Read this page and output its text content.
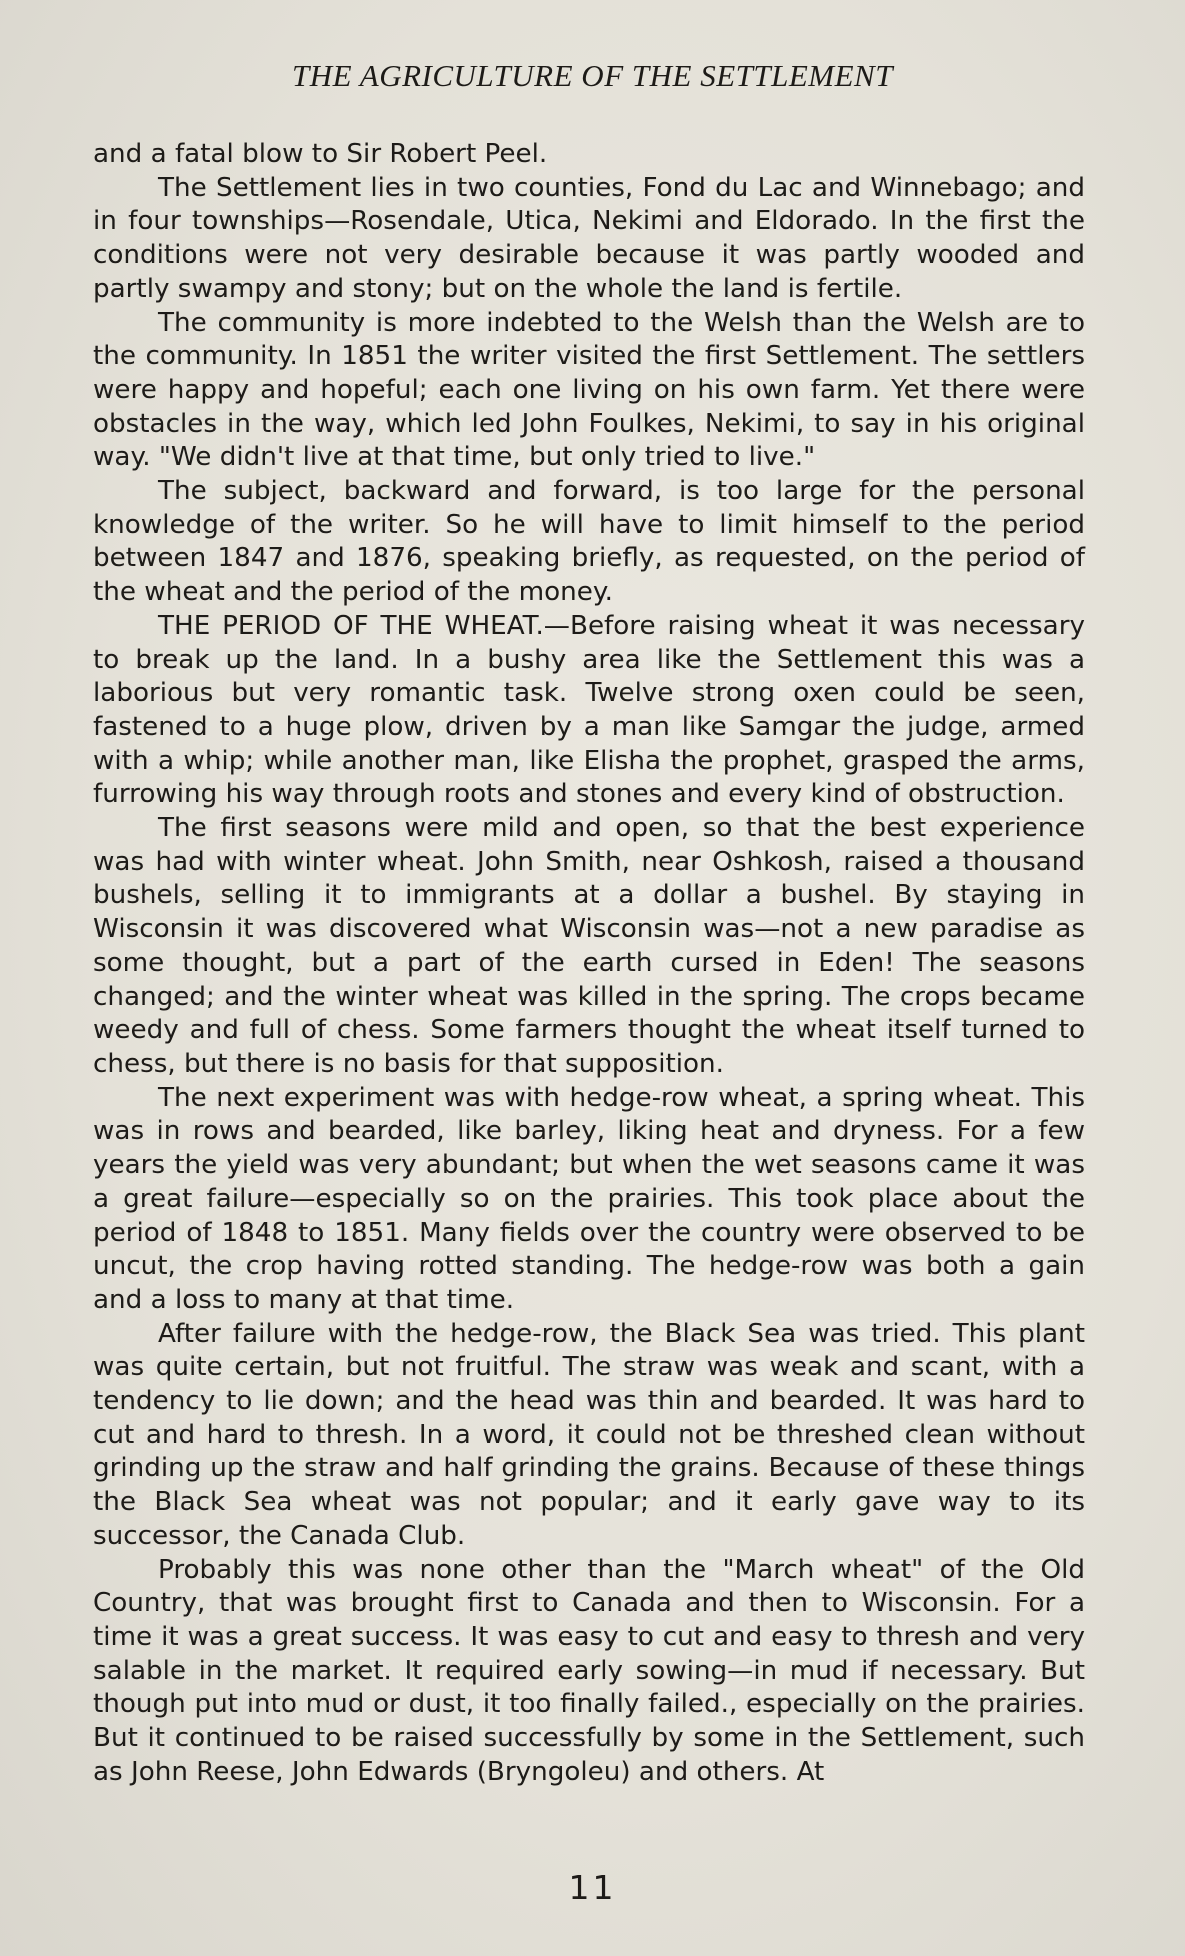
THE AGRICULTURE OF THE SETTLEMENT

and a fatal blow to Sir Robert Peel.

The Settlement lies in two counties, Fond du Lac and Winnebago; and in four townships—Rosendale, Utica, Nekimi and Eldorado. In the first the conditions were not very desirable because it was partly wooded and partly swampy and stony; but on the whole the land is fertile.

The community is more indebted to the Welsh than the Welsh are to the community. In 1851 the writer visited the first Settlement. The settlers were happy and hopeful; each one living on his own farm. Yet there were obstacles in the way, which led John Foulkes, Nekimi, to say in his original way. "We didn't live at that time, but only tried to live."

The subject, backward and forward, is too large for the personal knowledge of the writer. So he will have to limit himself to the period between 1847 and 1876, speaking briefly, as requested, on the period of the wheat and the period of the money.

THE PERIOD OF THE WHEAT.—Before raising wheat it was necessary to break up the land. In a bushy area like the Settlement this was a laborious but very romantic task. Twelve strong oxen could be seen, fastened to a huge plow, driven by a man like Samgar the judge, armed with a whip; while another man, like Elisha the prophet, grasped the arms, furrowing his way through roots and stones and every kind of obstruction.

The first seasons were mild and open, so that the best experience was had with winter wheat. John Smith, near Oshkosh, raised a thousand bushels, selling it to immigrants at a dollar a bushel. By staying in Wisconsin it was discovered what Wisconsin was—not a new paradise as some thought, but a part of the earth cursed in Eden! The seasons changed; and the winter wheat was killed in the spring. The crops became weedy and full of chess. Some farmers thought the wheat itself turned to chess, but there is no basis for that supposition.

The next experiment was with hedge-row wheat, a spring wheat. This was in rows and bearded, like barley, liking heat and dryness. For a few years the yield was very abundant; but when the wet seasons came it was a great failure—especially so on the prairies. This took place about the period of 1848 to 1851. Many fields over the country were observed to be uncut, the crop having rotted standing. The hedge-row was both a gain and a loss to many at that time.

After failure with the hedge-row, the Black Sea was tried. This plant was quite certain, but not fruitful. The straw was weak and scant, with a tendency to lie down; and the head was thin and bearded. It was hard to cut and hard to thresh. In a word, it could not be threshed clean without grinding up the straw and half grinding the grains. Because of these things the Black Sea wheat was not popular; and it early gave way to its successor, the Canada Club.

Probably this was none other than the "March wheat" of the Old Country, that was brought first to Canada and then to Wisconsin. For a time it was a great success. It was easy to cut and easy to thresh and very salable in the market. It required early sowing—in mud if necessary. But though put into mud or dust, it too finally failed., especially on the prairies. But it continued to be raised successfully by some in the Settlement, such as John Reese, John Edwards (Bryngoleu) and others. At

11
